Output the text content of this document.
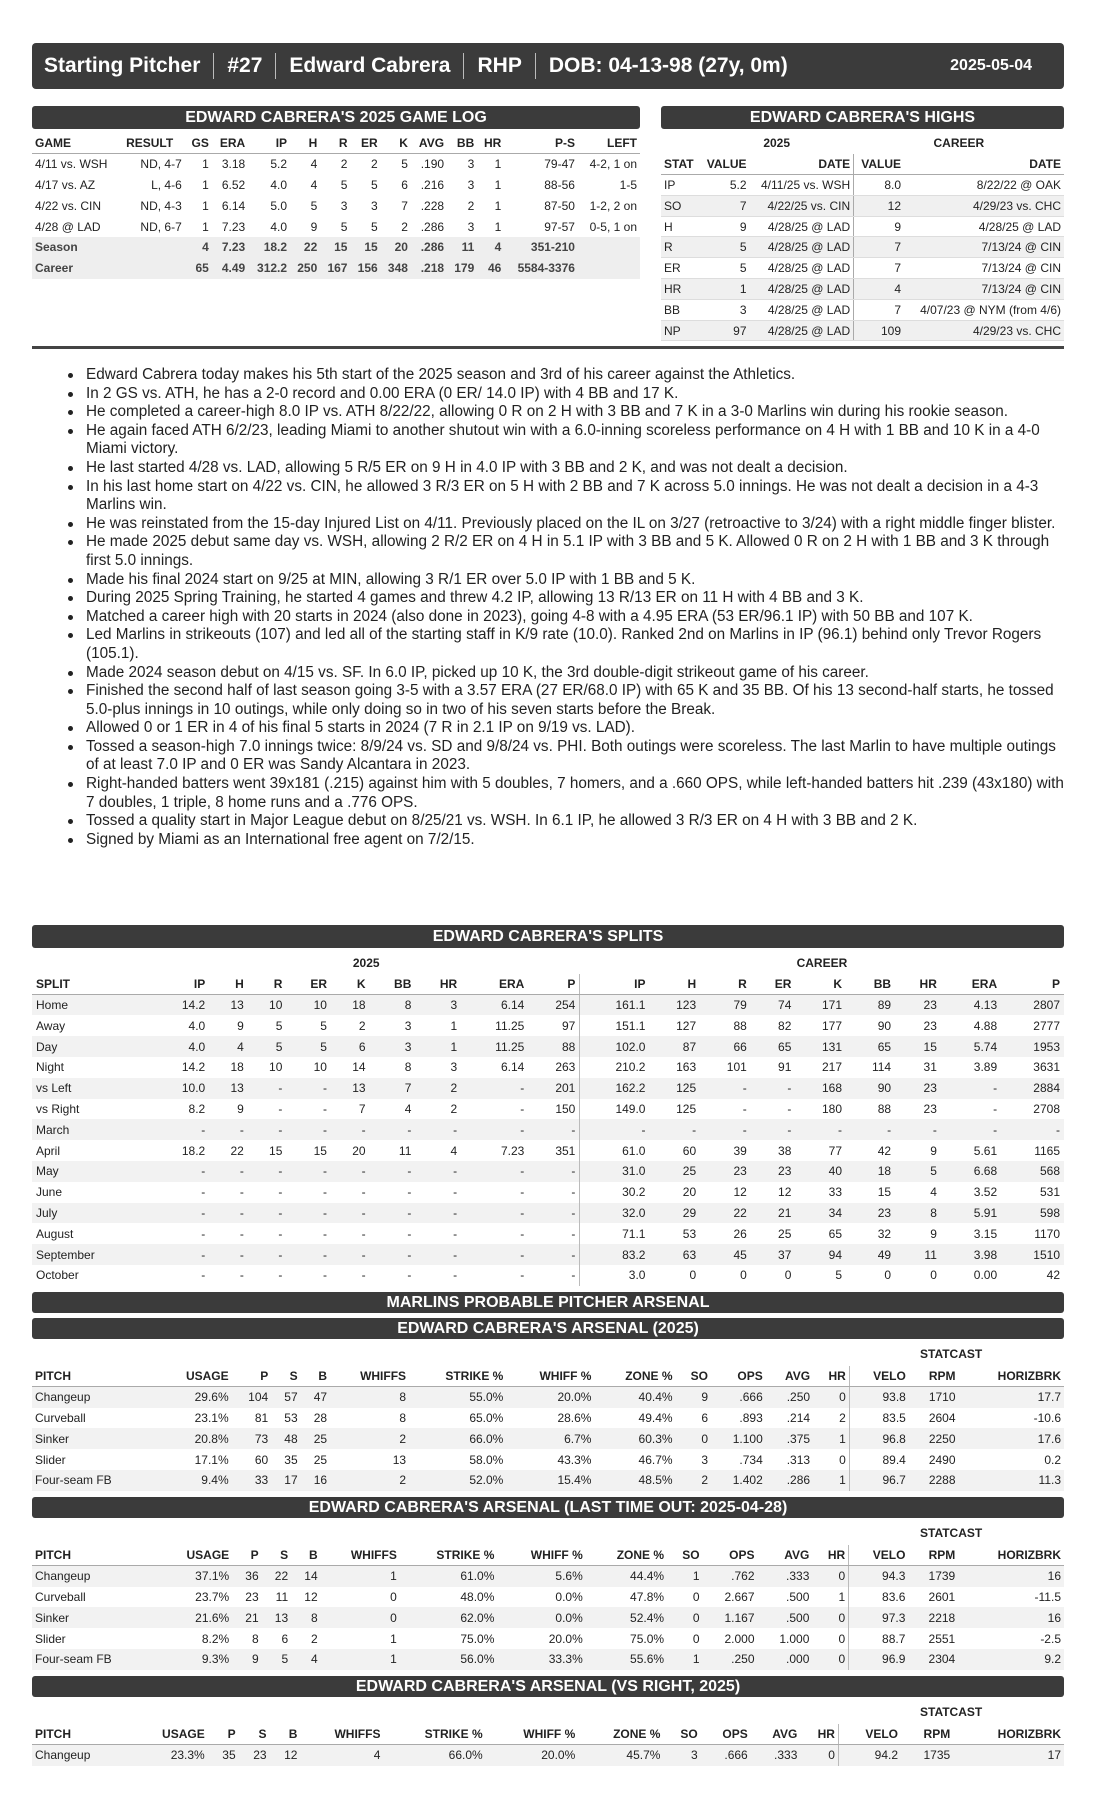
Starting Pitcher #27 Edward Cabrera RHP DOB: 04-13-98 (27y, 0m)	2025-05-04
EDWARD CABRERA'S 2025 GAME LOG
GAME	RESULT	GS	ERA	IP	H	R	ER	K	AVG	BB	HR	P-S	LEFT
4/11 vs. WSH	ND, 4-7	1	3.18	5.2	4	2	2	5	.190	3	1	79-47	4-2, 1 on
4/17 vs. AZ	L, 4-6	1	6.52	4.0	4	5	5	6	.216	3	1	88-56	1-5
4/22 vs. CIN	ND, 4-3	1	6.14	5.0	5	3	3	7	.228	2	1	87-50	1-2, 2 on
4/28 @ LAD	ND, 6-7	1	7.23	4.0	9	5	5	2	.286	3	1	97-57	0-5, 1 on
Season		4	7.23	18.2	22	15	15	20	.286	11	4	351-210	
Career		65	4.49	312.2	250	167	156	348	.218	179	46	5584-3376	
EDWARD CABRERA'S HIGHS
	2025		CAREER	
STAT	VALUE	DATE	VALUE	DATE
IP	5.2	4/11/25 vs. WSH	8.0	8/22/22 @ OAK
SO	7	4/22/25 vs. CIN	12	4/29/23 vs. CHC
H	9	4/28/25 @ LAD	9	4/28/25 @ LAD
R	5	4/28/25 @ LAD	7	7/13/24 @ CIN
ER	5	4/28/25 @ LAD	7	7/13/24 @ CIN
HR	1	4/28/25 @ LAD	4	7/13/24 @ CIN
BB	3	4/28/25 @ LAD	7	4/07/23 @ NYM (from 4/6)
NP	97	4/28/25 @ LAD	109	4/29/23 vs. CHC
Edward Cabrera today makes his 5th start of the 2025 season and 3rd of his career against the Athletics.
In 2 GS vs. ATH, he has a 2-0 record and 0.00 ERA (0 ER/ 14.0 IP) with 4 BB and 17 K.
He completed a career-high 8.0 IP vs. ATH 8/22/22, allowing 0 R on 2 H with 3 BB and 7 K in a 3-0 Marlins win during his rookie season.
He again faced ATH 6/2/23, leading Miami to another shutout win with a 6.0-inning scoreless performance on 4 H with 1 BB and 10 K in a 4-0 Miami victory.
He last started 4/28 vs. LAD, allowing 5 R/5 ER on 9 H in 4.0 IP with 3 BB and 2 K, and was not dealt a decision.
In his last home start on 4/22 vs. CIN, he allowed 3 R/3 ER on 5 H with 2 BB and 7 K across 5.0 innings. He was not dealt a decision in a 4-3 Marlins win.
He was reinstated from the 15-day Injured List on 4/11. Previously placed on the IL on 3/27 (retroactive to 3/24) with a right middle finger blister.
He made 2025 debut same day vs. WSH, allowing 2 R/2 ER on 4 H in 5.1 IP with 3 BB and 5 K. Allowed 0 R on 2 H with 1 BB and 3 K through first 5.0 innings.
Made his final 2024 start on 9/25 at MIN, allowing 3 R/1 ER over 5.0 IP with 1 BB and 5 K.
During 2025 Spring Training, he started 4 games and threw 4.2 IP, allowing 13 R/13 ER on 11 H with 4 BB and 3 K.
Matched a career high with 20 starts in 2024 (also done in 2023), going 4-8 with a 4.95 ERA (53 ER/96.1 IP) with 50 BB and 107 K.
Led Marlins in strikeouts (107) and led all of the starting staff in K/9 rate (10.0). Ranked 2nd on Marlins in IP (96.1) behind only Trevor Rogers (105.1).
Made 2024 season debut on 4/15 vs. SF. In 6.0 IP, picked up 10 K, the 3rd double-digit strikeout game of his career.
Finished the second half of last season going 3-5 with a 3.57 ERA (27 ER/68.0 IP) with 65 K and 35 BB. Of his 13 second-half starts, he tossed 5.0-plus innings in 10 outings, while only doing so in two of his seven starts before the Break.
Allowed 0 or 1 ER in 4 of his final 5 starts in 2024 (7 R in 2.1 IP on 9/19 vs. LAD).
Tossed a season-high 7.0 innings twice: 8/9/24 vs. SD and 9/8/24 vs. PHI. Both outings were scoreless. The last Marlin to have multiple outings of at least 7.0 IP and 0 ER was Sandy Alcantara in 2023.
Right-handed batters went 39x181 (.215) against him with 5 doubles, 7 homers, and a .660 OPS, while left-handed batters hit .239 (43x180) with 7 doubles, 1 triple, 8 home runs and a .776 OPS.
Tossed a quality start in Major League debut on 8/25/21 vs. WSH. In 6.1 IP, he allowed 3 R/3 ER on 4 H with 3 BB and 2 K.
Signed by Miami as an International free agent on 7/2/15.
EDWARD CABRERA'S SPLITS
	2025									CAREER								
SPLIT	IP	H	R	ER	K	BB	HR	ERA	P	IP	H	R	ER	K	BB	HR	ERA	P
Home	14.2	13	10	10	18	8	3	6.14	254	161.1	123	79	74	171	89	23	4.13	2807
Away	4.0	9	5	5	2	3	1	11.25	97	151.1	127	88	82	177	90	23	4.88	2777
Day	4.0	4	5	5	6	3	1	11.25	88	102.0	87	66	65	131	65	15	5.74	1953
Night	14.2	18	10	10	14	8	3	6.14	263	210.2	163	101	91	217	114	31	3.89	3631
vs Left	10.0	13	-	-	13	7	2	-	201	162.2	125	-	-	168	90	23	-	2884
vs Right	8.2	9	-	-	7	4	2	-	150	149.0	125	-	-	180	88	23	-	2708
March	-	-	-	-	-	-	-	-	-	-	-	-	-	-	-	-	-	-
April	18.2	22	15	15	20	11	4	7.23	351	61.0	60	39	38	77	42	9	5.61	1165
May	-	-	-	-	-	-	-	-	-	31.0	25	23	23	40	18	5	6.68	568
June	-	-	-	-	-	-	-	-	-	30.2	20	12	12	33	15	4	3.52	531
July	-	-	-	-	-	-	-	-	-	32.0	29	22	21	34	23	8	5.91	598
August	-	-	-	-	-	-	-	-	-	71.1	53	26	25	65	32	9	3.15	1170
September	-	-	-	-	-	-	-	-	-	83.2	63	45	37	94	49	11	3.98	1510
October	-	-	-	-	-	-	-	-	-	3.0	0	0	0	5	0	0	0.00	42
MARLINS PROBABLE PITCHER ARSENAL
EDWARD CABRERA'S ARSENAL (2025)
STATCAST
PITCH	USAGE	P	S	B	WHIFFS	STRIKE %	WHIFF %	ZONE %	SO	OPS	AVG	HR	VELO	RPM	HORIZBRK
Changeup	29.6%	104	57	47	8	55.0%	20.0%	40.4%	9	.666	.250	0	93.8	1710	17.7
Curveball	23.1%	81	53	28	8	65.0%	28.6%	49.4%	6	.893	.214	2	83.5	2604	-10.6
Sinker	20.8%	73	48	25	2	66.0%	6.7%	60.3%	0	1.100	.375	1	96.8	2250	17.6
Slider	17.1%	60	35	25	13	58.0%	43.3%	46.7%	3	.734	.313	0	89.4	2490	0.2
Four-seam FB	9.4%	33	17	16	2	52.0%	15.4%	48.5%	2	1.402	.286	1	96.7	2288	11.3
EDWARD CABRERA'S ARSENAL (LAST TIME OUT: 2025-04-28)
STATCAST
PITCH	USAGE	P	S	B	WHIFFS	STRIKE %	WHIFF %	ZONE %	SO	OPS	AVG	HR	VELO	RPM	HORIZBRK
Changeup	37.1%	36	22	14	1	61.0%	5.6%	44.4%	1	.762	.333	0	94.3	1739	16
Curveball	23.7%	23	11	12	0	48.0%	0.0%	47.8%	0	2.667	.500	1	83.6	2601	-11.5
Sinker	21.6%	21	13	8	0	62.0%	0.0%	52.4%	0	1.167	.500	0	97.3	2218	16
Slider	8.2%	8	6	2	1	75.0%	20.0%	75.0%	0	2.000	1.000	0	88.7	2551	-2.5
Four-seam FB	9.3%	9	5	4	1	56.0%	33.3%	55.6%	1	.250	.000	0	96.9	2304	9.2
EDWARD CABRERA'S ARSENAL (VS RIGHT, 2025)
STATCAST
PITCH	USAGE	P	S	B	WHIFFS	STRIKE %	WHIFF %	ZONE %	SO	OPS	AVG	HR	VELO	RPM	HORIZBRK
Changeup	23.3%	35	23	12	4	66.0%	20.0%	45.7%	3	.666	.333	0	94.2	1735	17
